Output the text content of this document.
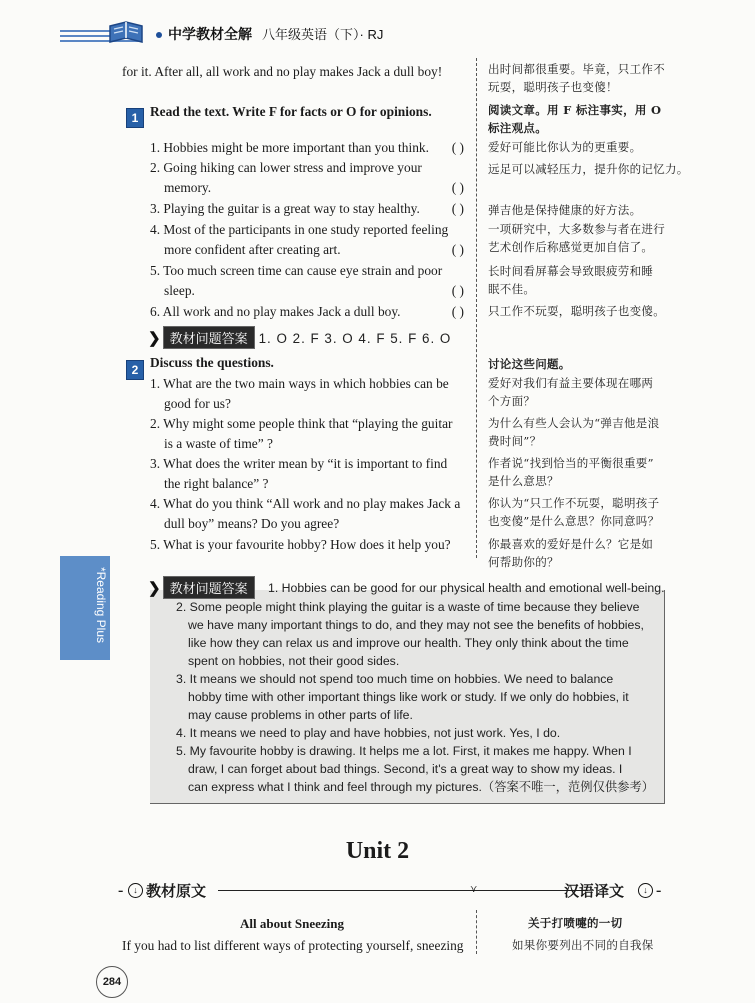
中学教材全解 八年级英语（下）· RJ
for it. After all, all work and no play makes Jack a dull boy!	出时间都很重要。毕竟，只工作不
玩耍，聪明孩子也变傻！
1 Read the text. Write F for facts or O for opinions.	阅读文章。用 F 标注事实，用 O
标注观点。
1. Hobbies might be more important than you think. ( ) 爱好可能比你认为的更重要。
2. Going hiking can lower stress and improve your
memory.	( )
远足可以减轻压力，提升你的记忆力。
3. Playing the guitar is a great way to stay healthy. ( ) 弹吉他是保持健康的好方法。
4. Most of the participants in one study reported feeling
more confident after creating art.	( )
一项研究中，大多数参与者在进行
艺术创作后称感觉更加自信了。
5. Too much screen time can cause eye strain and poor
sleep.	( )
长时间看屏幕会导致眼疲劳和睡
眠不佳。
6. All work and no play makes Jack a dull boy.	( ) 只工作不玩耍，聪明孩子也变傻。
❯ 教材问题答案 1. O 2. F 3. O 4. F 5. F 6. O
2 Discuss the questions.	讨论这些问题。
1. What are the two main ways in which hobbies can be
good for us?
爱好对我们有益主要体现在哪两
个方面？
2. Why might some people think that “playing the guitar
is a waste of time” ?
为什么有些人会认为“弹吉他是浪
费时间”？
3. What does the writer mean by “it is important to find
the right balance” ?
作者说“找到恰当的平衡很重要”
是什么意思？
4. What do you think “All work and no play makes Jack a
dull boy” means? Do you agree?
你认为“只工作不玩耍，聪明孩子
也变傻”是什么意思？你同意吗？
5. What is your favourite hobby? How does it help you?	你最喜欢的爱好是什么？它是如
何帮助你的？
*Reading Plus	❯ 教材问题答案	1. Hobbies can be good for our physical health and emotional well-being.
2. Some people might think playing the guitar is a waste of time because they believe
we have many important things to do, and they may not see the benefits of hobbies,
like how they can relax us and improve our health. They only think about the time
spent on hobbies, not their good sides.
3. It means we should not spend too much time on hobbies. We need to balance
hobby time with other important things like work or study. If we only do hobbies, it
may cause problems in other parts of life.
4. It means we need to play and have hobbies, not just work. Yes, I do.
5. My favourite hobby is drawing. It helps me a lot. First, it makes me happy. When I
draw, I can forget about bad things. Second, it's a great way to show my ideas. I
can express what I think and feel through my pictures.（答案不唯一，范例仅供参考）
Unit 2
-	↓ 教材原文	⋎	汉语译文	↓ -
All about Sneezing	关于打喷嚏的一切
If you had to list different ways of protecting yourself, sneezing	如果你要列出不同的自我保
284
